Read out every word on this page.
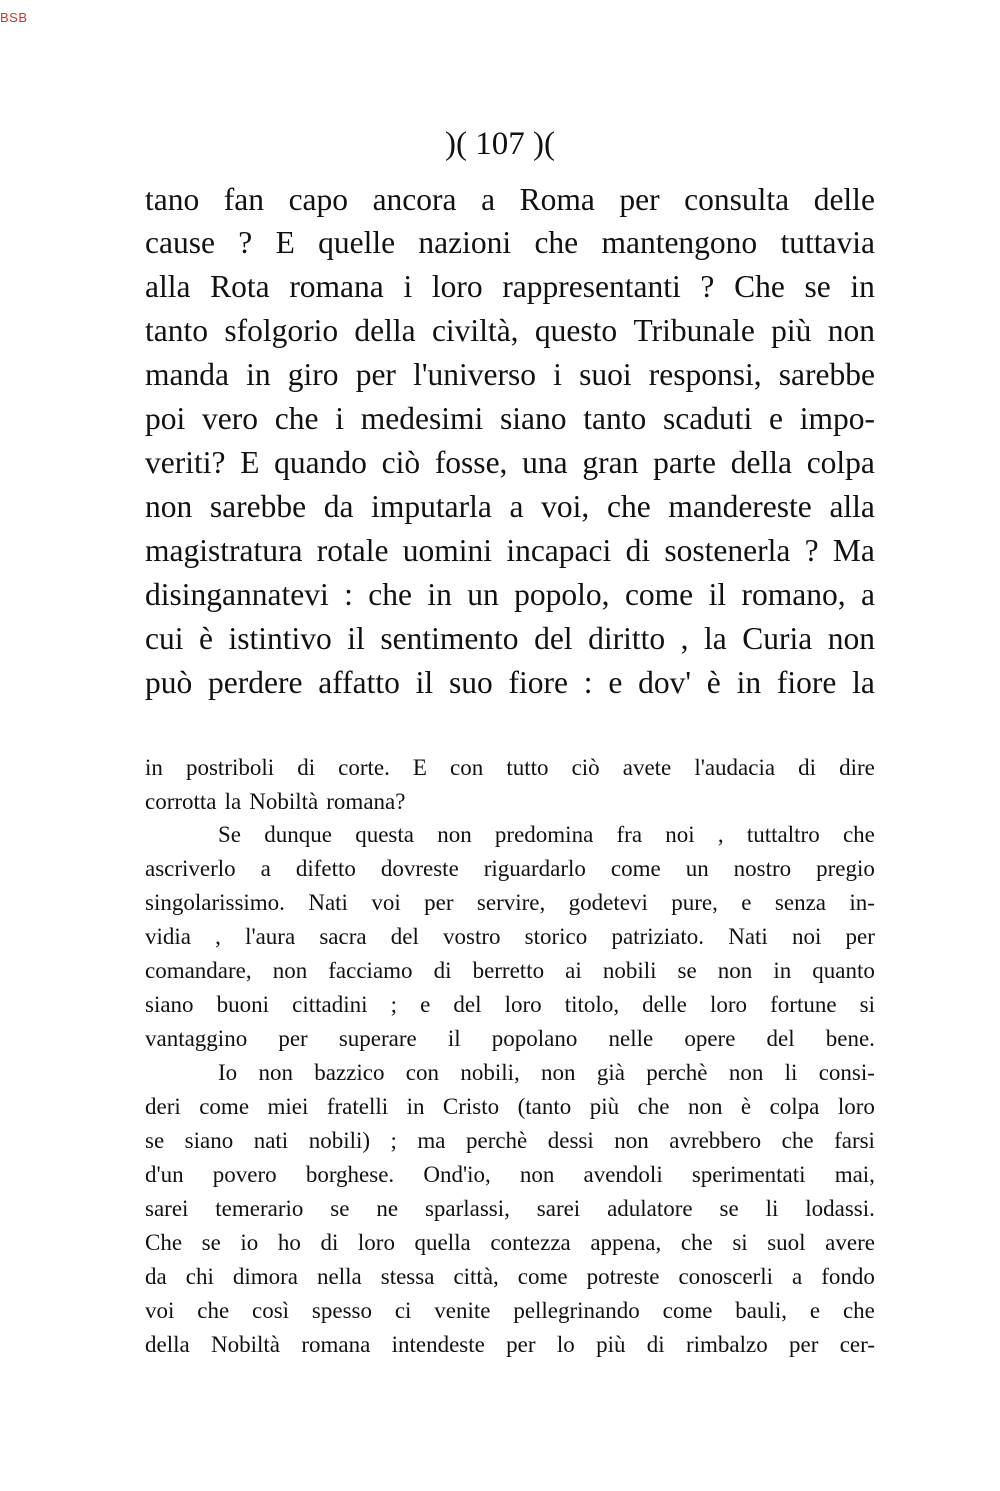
BSB
)( 107 )(
tano fan capo ancora a Roma per consulta delle
cause ? E quelle nazioni che mantengono tuttavia
alla Rota romana i loro rappresentanti ? Che se in
tanto sfolgorio della civiltà, questo Tribunale più non
manda in giro per l'universo i suoi responsi, sarebbe
poi vero che i medesimi siano tanto scaduti e impo-
veriti? E quando ciò fosse, una gran parte della colpa
non sarebbe da imputarla a voi, che mandereste alla
magistratura rotale uomini incapaci di sostenerla ? Ma
disingannatevi : che in un popolo, come il romano, a
cui è istintivo il sentimento del diritto , la Curia non
può perdere affatto il suo fiore : e dov' è in fiore la
in postriboli di corte. E con tutto ciò avete l'audacia di dire
corrotta la Nobiltà romana?
Se dunque questa non predomina fra noi , tuttaltro che
ascriverlo a difetto dovreste riguardarlo come un nostro pregio
singolarissimo. Nati voi per servire, godetevi pure, e senza in-
vidia , l'aura sacra del vostro storico patriziato. Nati noi per
comandare, non facciamo di berretto ai nobili se non in quanto
siano buoni cittadini ; e del loro titolo, delle loro fortune si
vantaggino per superare il popolano nelle opere del bene.
Io non bazzico con nobili, non già perchè non li consi-
deri come miei fratelli in Cristo (tanto più che non è colpa loro
se siano nati nobili) ; ma perchè dessi non avrebbero che farsi
d'un povero borghese. Ond'io, non avendoli sperimentati mai,
sarei temerario se ne sparlassi, sarei adulatore se li lodassi.
Che se io ho di loro quella contezza appena, che si suol avere
da chi dimora nella stessa città, come potreste conoscerli a fondo
voi che così spesso ci venite pellegrinando come bauli, e che
della Nobiltà romana intendeste per lo più di rimbalzo per cer-
